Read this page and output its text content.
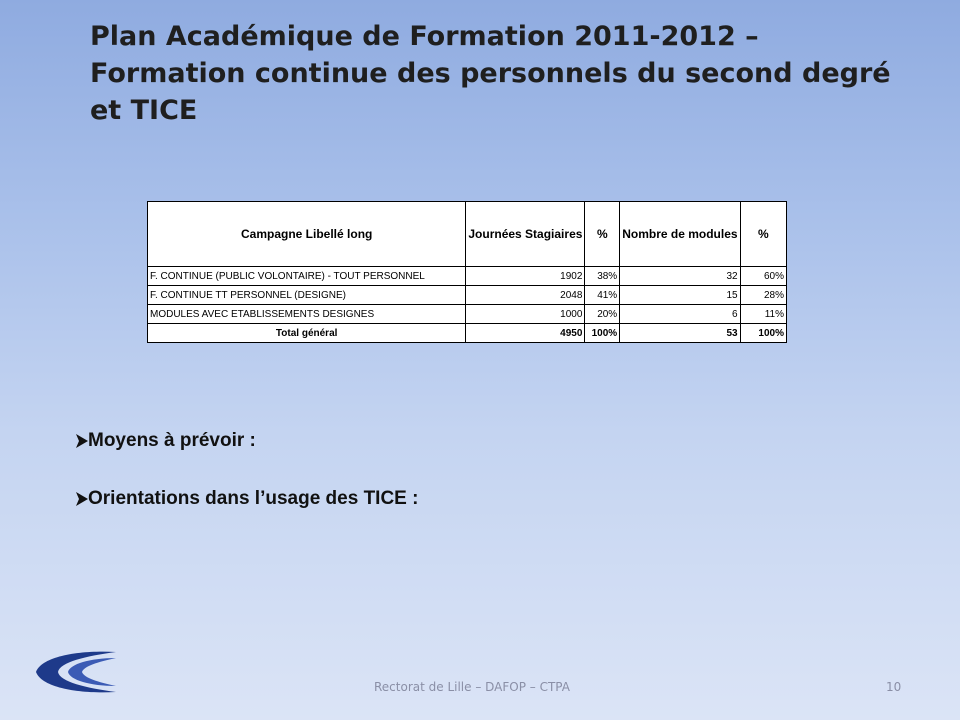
Plan Académique de Formation 2011-2012 –
Formation continue des personnels du second degré
et TICE
Campagne Libellé long	Journées Stagiaires	%	Nombre de modules	%
F. CONTINUE (PUBLIC VOLONTAIRE) - TOUT PERSONNEL	1902	38%	32	60%
F. CONTINUE TT PERSONNEL (DESIGNE)	2048	41%	15	28%
MODULES AVEC ETABLISSEMENTS DESIGNES	1000	20%	6	11%
Total général	4950	100%	53	100%
Moyens à prévoir :
Orientations dans l’usage des TICE :
Rectorat de Lille – DAFOP – CTPA	10
